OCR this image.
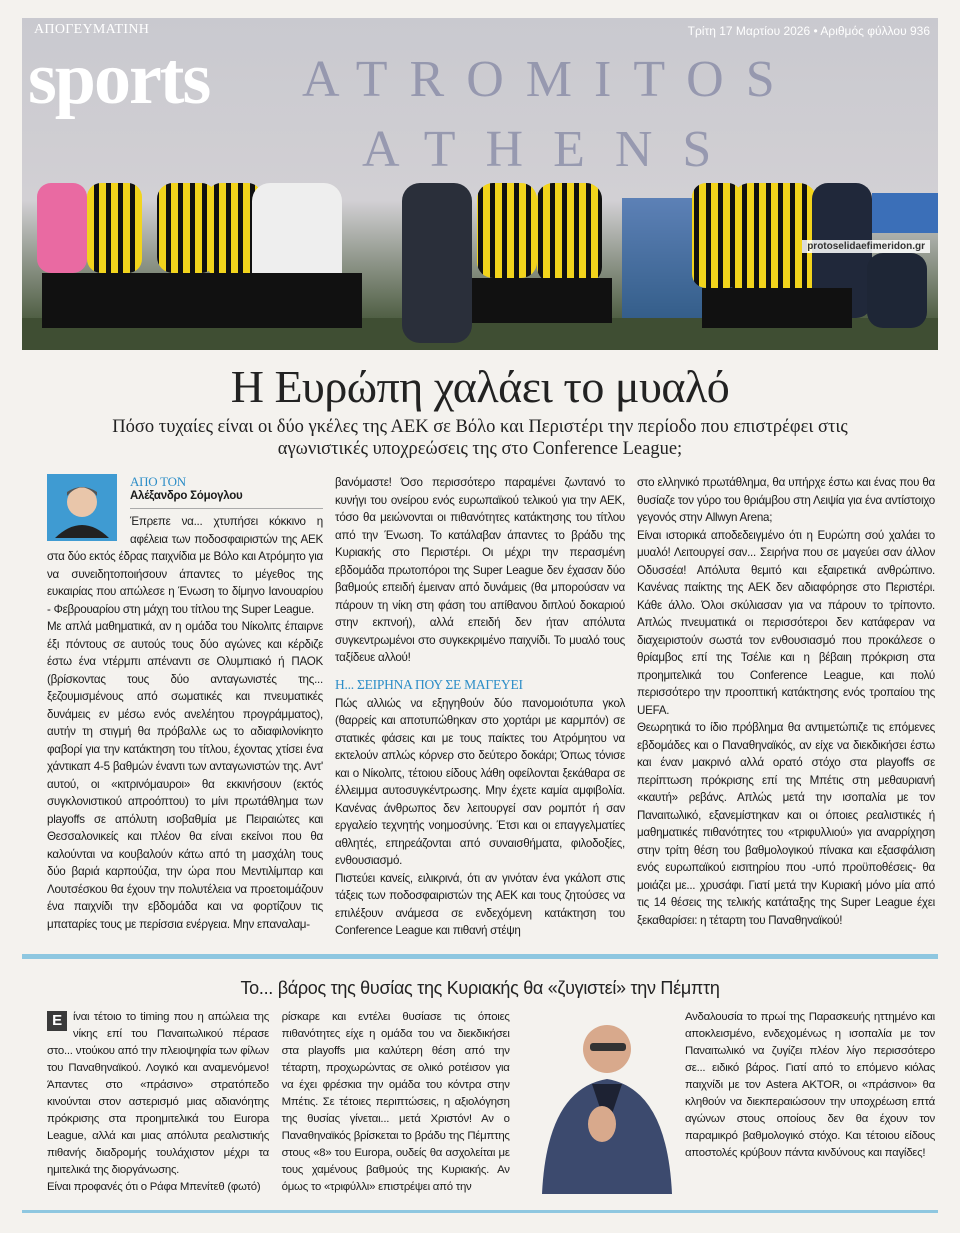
ATROMITOS
ATHENS
ΑΠΟΓΕΥΜΑΤΙΝΗ
sports
Τρίτη 17 Μαρτίου 2026 • Αριθμός φύλλου 936
protoselidaefimeridon.gr
Η Ευρώπη χαλάει το μυαλό
Πόσο τυχαίες είναι οι δύο γκέλες της ΑΕΚ σε Βόλο και Περιστέρι την περίοδο που επιστρέφει στις αγωνιστικές υποχρεώσεις της στο Conference League;
ΑΠΟ ΤΟΝ
Αλέξανδρο Σόμογλου

Έπρεπε να... χτυπήσει κόκκινο η αφέλεια των ποδοσφαιριστών της ΑΕΚ στα δύο εκτός έδρας παιχνίδια με Βόλο και Ατρόμητο για να συνειδητοποιήσουν άπαντες το μέγεθος της ευκαιρίας που απώλεσε η Ένωση το δίμηνο Ιανουαρίου - Φεβρουαρίου στη μάχη του τίτλου της Super League.

Με απλά μαθηματικά, αν η ομάδα του Νίκολιτς έπαιρνε έξι πόντους σε αυτούς τους δύο αγώνες και κέρδιζε έστω ένα ντέρμπι απέναντι σε Ολυμπιακό ή ΠΑΟΚ (βρίσκοντας τους δύο ανταγωνιστές της... ξεζουμισμένους από σωματικές και πνευματικές δυνάμεις εν μέσω ενός ανελέητου προγράμματος), αυτήν τη στιγμή θα πρόβαλλε ως το αδιαφιλονίκητο φαβορί για την κατάκτηση του τίτλου, έχοντας χτίσει ένα χάντικαπ 4-5 βαθμών έναντι των ανταγωνιστών της. Αντ' αυτού, οι «κιτρινόμαυροι» θα εκκινήσουν (εκτός συγκλονιστικού απροόπτου) το μίνι πρωτάθλημα των playoffs σε απόλυτη ισοβαθμία με Πειραιώτες και Θεσσαλονικείς και πλέον θα είναι εκείνοι που θα καλούνται να κουβαλούν κάτω από τη μασχάλη τους δύο βαριά καρπούζια, την ώρα που Μεντιλίμπαρ και Λουτσέσκου θα έχουν την πολυτέλεια να προετοιμάζουν ένα παιχνίδι την εβδομάδα και να φορτίζουν τις μπαταρίες τους με περίσσια ενέργεια. Μην επαναλαμ-

βανόμαστε! Όσο περισσότερο παραμένει ζωντανό το κυνήγι του ονείρου ενός ευρωπαϊκού τελικού για την ΑΕΚ, τόσο θα μειώνονται οι πιθανότητες κατάκτησης του τίτλου από την Ένωση. Το κατάλαβαν άπαντες το βράδυ της Κυριακής στο Περιστέρι. Οι μέχρι την περασμένη εβδομάδα πρωτοπόροι της Super League δεν έχασαν δύο βαθμούς επειδή έμειναν από δυνάμεις (θα μπορούσαν να πάρουν τη νίκη στη φάση του απίθανου διπλού δοκαριού στην εκπνοή), αλλά επειδή δεν ήταν απόλυτα συγκεντρωμένοι στο συγκεκριμένο παιχνίδι. Το μυαλό τους ταξίδευε αλλού!

Η... ΣΕΙΡΗΝΑ ΠΟΥ ΣΕ ΜΑΓΕΥΕΙ

Πώς αλλιώς να εξηγηθούν δύο πανομοιότυπα γκολ (θαρρείς και αποτυπώθηκαν στο χορτάρι με καρμπόν) σε στατικές φάσεις και με τους παίκτες του Ατρόμητου να εκτελούν απλώς κόρνερ στο δεύτερο δοκάρι; Όπως τόνισε και ο Νίκολιτς, τέτοιου είδους λάθη οφείλονται ξεκάθαρα σε έλλειμμα αυτοσυγκέντρωσης. Μην έχετε καμία αμφιβολία. Κανένας άνθρωπος δεν λειτουργεί σαν ρομπότ ή σαν εργαλείο τεχνητής νοημοσύνης. Έτσι και οι επαγγελματίες αθλητές, επηρεάζονται από συναισθήματα, φιλοδοξίες, ενθουσιασμό.

Πιστεύει κανείς, ειλικρινά, ότι αν γινόταν ένα γκάλοπ στις τάξεις των ποδοσφαιριστών της ΑΕΚ και τους ζητούσες να επιλέξουν ανάμεσα σε ενδεχόμενη κατάκτηση του Conference League και πιθανή στέψη

στο ελληνικό πρωτάθλημα, θα υπήρχε έστω και ένας που θα θυσίαζε τον γύρο του θριάμβου στη Λειψία για ένα αντίστοιχο γεγονός στην Allwyn Arena;

Είναι ιστορικά αποδεδειγμένο ότι η Ευρώπη σού χαλάει το μυαλό! Λειτουργεί σαν... Σειρήνα που σε μαγεύει σαν άλλον Οδυσσέα! Απόλυτα θεμιτό και εξαιρετικά ανθρώπινο. Κανένας παίκτης της ΑΕΚ δεν αδιαφόρησε στο Περιστέρι. Κάθε άλλο. Όλοι σκύλιασαν για να πάρουν το τρίποντο. Απλώς πνευματικά οι περισσότεροι δεν κατάφεραν να διαχειριστούν σωστά τον ενθουσιασμό που προκάλεσε ο θρίαμβος επί της Τσέλιε και η βέβαιη πρόκριση στα προημιτελικά του Conference League, και πολύ περισσότερο την προοπτική κατάκτησης ενός τροπαίου της UEFA.

Θεωρητικά το ίδιο πρόβλημα θα αντιμετώπιζε τις επόμενες εβδομάδες και ο Παναθηναϊκός, αν είχε να διεκδικήσει έστω και έναν μακρινό αλλά ορατό στόχο στα playoffs σε περίπτωση πρόκρισης επί της Μπέτις στη μεθαυριανή «καυτή» ρεβάνς. Απλώς μετά την ισοπαλία με τον Παναιτωλικό, εξανεμίστηκαν και οι όποιες ρεαλιστικές ή μαθηματικές πιθανότητες του «τριφυλλιού» για αναρρίχηση στην τρίτη θέση του βαθμολογικού πίνακα και εξασφάλιση ενός ευρωπαϊκού εισιτηρίου που -υπό προϋποθέσεις- θα μοιάζει με... χρυσάφι. Γιατί μετά την Κυριακή μόνο μία από τις 14 θέσεις της τελικής κατάταξης της Super League έχει ξεκαθαρίσει: η τέταρτη του Παναθηναϊκού!

Το... βάρος της θυσίας της Κυριακής θα «ζυγιστεί» την Πέμπτη

Ε ίναι τέτοιο το timing που η απώλεια της νίκης επί του Παναιτωλικού πέρασε στο... ντούκου από την πλειοψηφία των φίλων του Παναθηναϊκού. Λογικό και αναμενόμενο! Άπαντες στο «πράσινο» στρατόπεδο κινούνται στον αστερισμό μιας αδιανόητης πρόκρισης στα προημιτελικά του Europa League, αλλά και μιας απόλυτα ρεαλιστικής πιθανής διαδρομής τουλάχιστον μέχρι τα ημιτελικά της διοργάνωσης.

Είναι προφανές ότι ο Ράφα Μπενίτεθ (φωτό)

ρίσκαρε και εντέλει θυσίασε τις όποιες πιθανότητες είχε η ομάδα του να διεκδικήσει στα playoffs μια καλύτερη θέση από την τέταρτη, προχωρώντας σε ολικό ροτέισον για να έχει φρέσκια την ομάδα του κόντρα στην Μπέτις. Σε τέτοιες περιπτώσεις, η αξιολόγηση της θυσίας γίνεται... μετά Χριστόν! Αν ο Παναθηναϊκός βρίσκεται το βράδυ της Πέμπτης στους «8» του Europa, ουδείς θα ασχολείται με τους χαμένους βαθμούς της Κυριακής. Αν όμως το «τριφύλλι» επιστρέψει από την

Ανδαλουσία το πρωί της Παρασκευής ηττημένο και αποκλεισμένο, ενδεχομένως η ισοπαλία με τον Παναιτωλικό να ζυγίζει πλέον λίγο περισσότερο σε... ειδικό βάρος. Γιατί από το επόμενο κιόλας παιχνίδι με τον Astera AKTOR, οι «πράσινοι» θα κληθούν να διεκπεραιώσουν την υποχρέωση επτά αγώνων στους οποίους δεν θα έχουν τον παραμικρό βαθμολογικό στόχο. Και τέτοιου είδους αποστολές κρύβουν πάντα κινδύνους και παγίδες!
